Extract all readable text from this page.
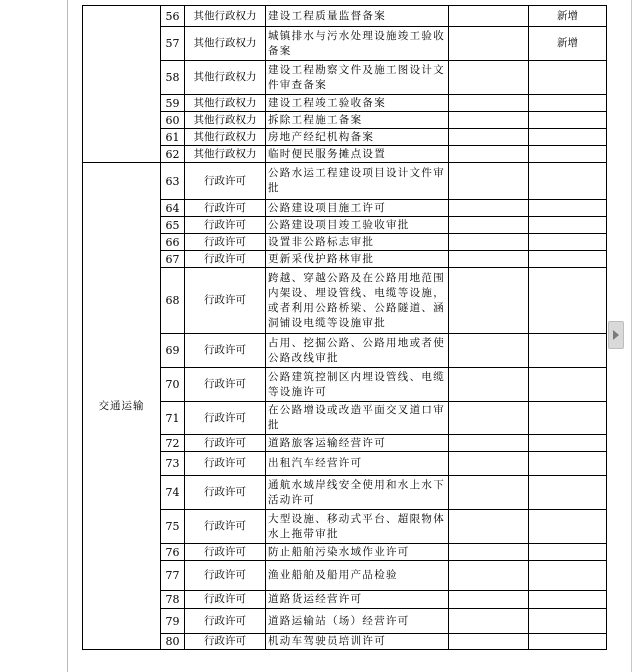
	56	其他行政权力	建设工程质量监督备案		新增
	57	其他行政权力	城镇排水与污水处理设施竣工验收备案		新增
	58	其他行政权力	建设工程勘察文件及施工图设计文件审查备案		
	59	其他行政权力	建设工程竣工验收备案		
	60	其他行政权力	拆除工程施工备案		
	61	其他行政权力	房地产经纪机构备案		
	62	其他行政权力	临时便民服务摊点设置		
交通运输	63	行政许可	公路水运工程建设项目设计文件审批		
	64	行政许可	公路建设项目施工许可		
	65	行政许可	公路建设项目竣工验收审批		
	66	行政许可	设置非公路标志审批		
	67	行政许可	更新采伐护路林审批		
	68	行政许可	跨越、穿越公路及在公路用地范围内架设、埋设管线、电缆等设施，或者利用公路桥梁、公路隧道、涵洞铺设电缆等设施审批		
	69	行政许可	占用、挖掘公路、公路用地或者使公路改线审批		
	70	行政许可	公路建筑控制区内埋设管线、电缆等设施许可		
	71	行政许可	在公路增设或改造平面交叉道口审批		
	72	行政许可	道路旅客运输经营许可		
	73	行政许可	出租汽车经营许可		
	74	行政许可	通航水域岸线安全使用和水上水下活动许可		
	75	行政许可	大型设施、移动式平台、超限物体水上拖带审批		
	76	行政许可	防止船舶污染水域作业许可		
	77	行政许可	渔业船舶及船用产品检验		
	78	行政许可	道路货运经营许可		
	79	行政许可	道路运输站（场）经营许可		
	80	行政许可	机动车驾驶员培训许可		
